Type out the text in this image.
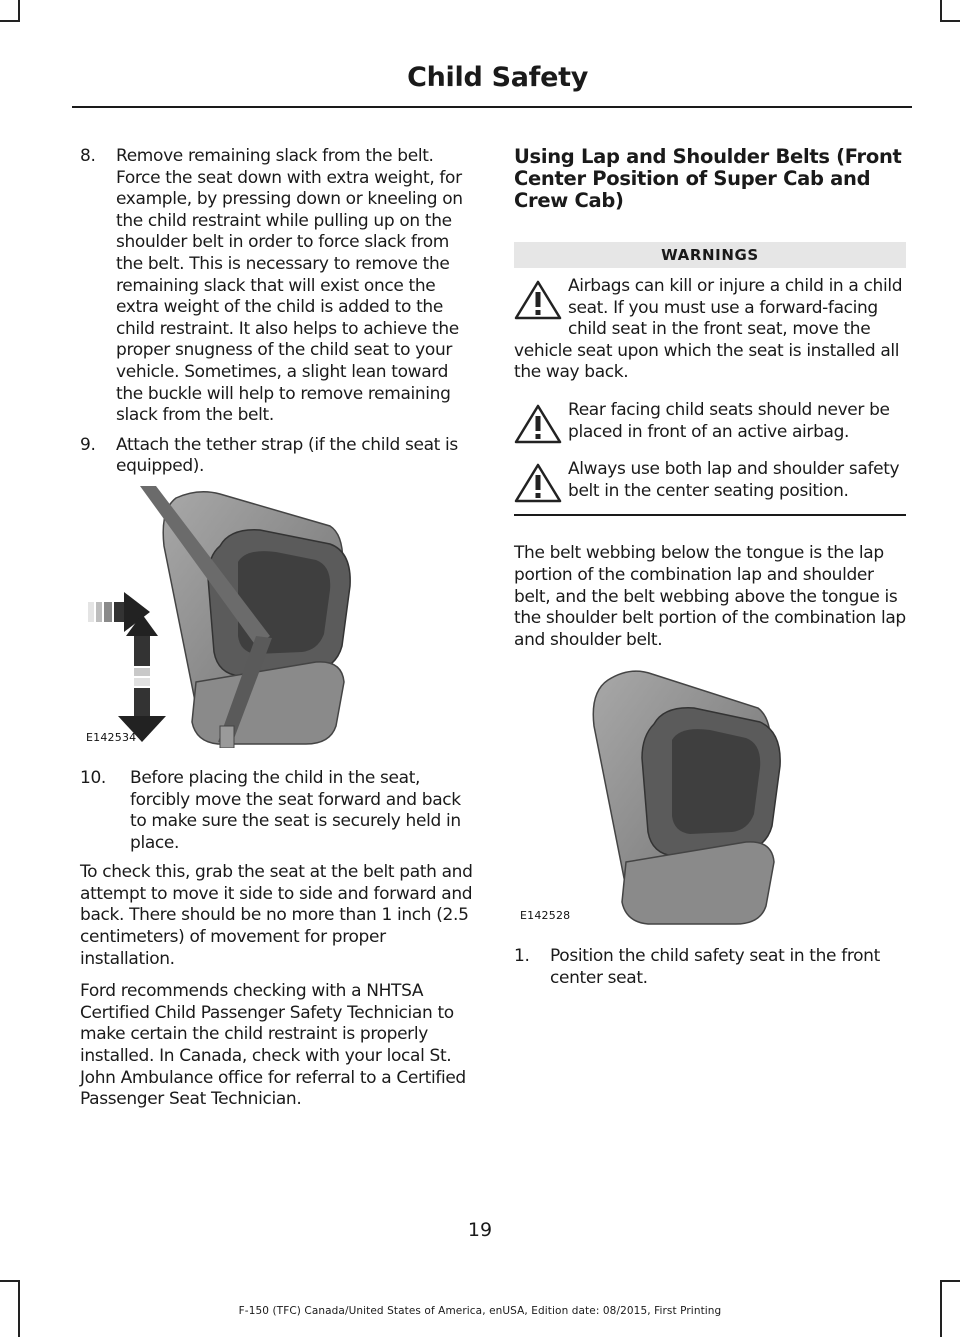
Child Safety
8.	Remove remaining slack from the belt. Force the seat down with extra weight, for example, by pressing down or kneeling on the child restraint while pulling up on the shoulder belt in order to force slack from the belt. This is necessary to remove the remaining slack that will exist once the extra weight of the child is added to the child restraint. It also helps to achieve the proper snugness of the child seat to your vehicle. Sometimes, a slight lean toward the buckle will help to remove remaining slack from the belt.
9.	Attach the tether strap (if the child seat is equipped).
E142534
10.	Before placing the child in the seat, forcibly move the seat forward and back to make sure the seat is securely held in place.

To check this, grab the seat at the belt path and attempt to move it side to side and forward and back. There should be no more than 1 inch (2.5 centimeters) of movement for proper installation.

Ford recommends checking with a NHTSA Certified Child Passenger Safety Technician to make certain the child restraint is properly installed. In Canada, check with your local St. John Ambulance office for referral to a Certified Passenger Seat Technician.

Using Lap and Shoulder Belts (Front Center Position of Super Cab and Crew Cab)
WARNINGS
Airbags can kill or injure a child in a child seat. If you must use a forward-facing child seat in the front seat, move the vehicle seat upon which the seat is installed all the way back.
Rear facing child seats should never be placed in front of an active airbag.
Always use both lap and shoulder safety belt in the center seating position.

The belt webbing below the tongue is the lap portion of the combination lap and shoulder belt, and the belt webbing above the tongue is the shoulder belt portion of the combination lap and shoulder belt.

E142528
1.	Position the child safety seat in the front center seat.
19
F-150 (TFC) Canada/United States of America, enUSA, Edition date: 08/2015, First Printing
